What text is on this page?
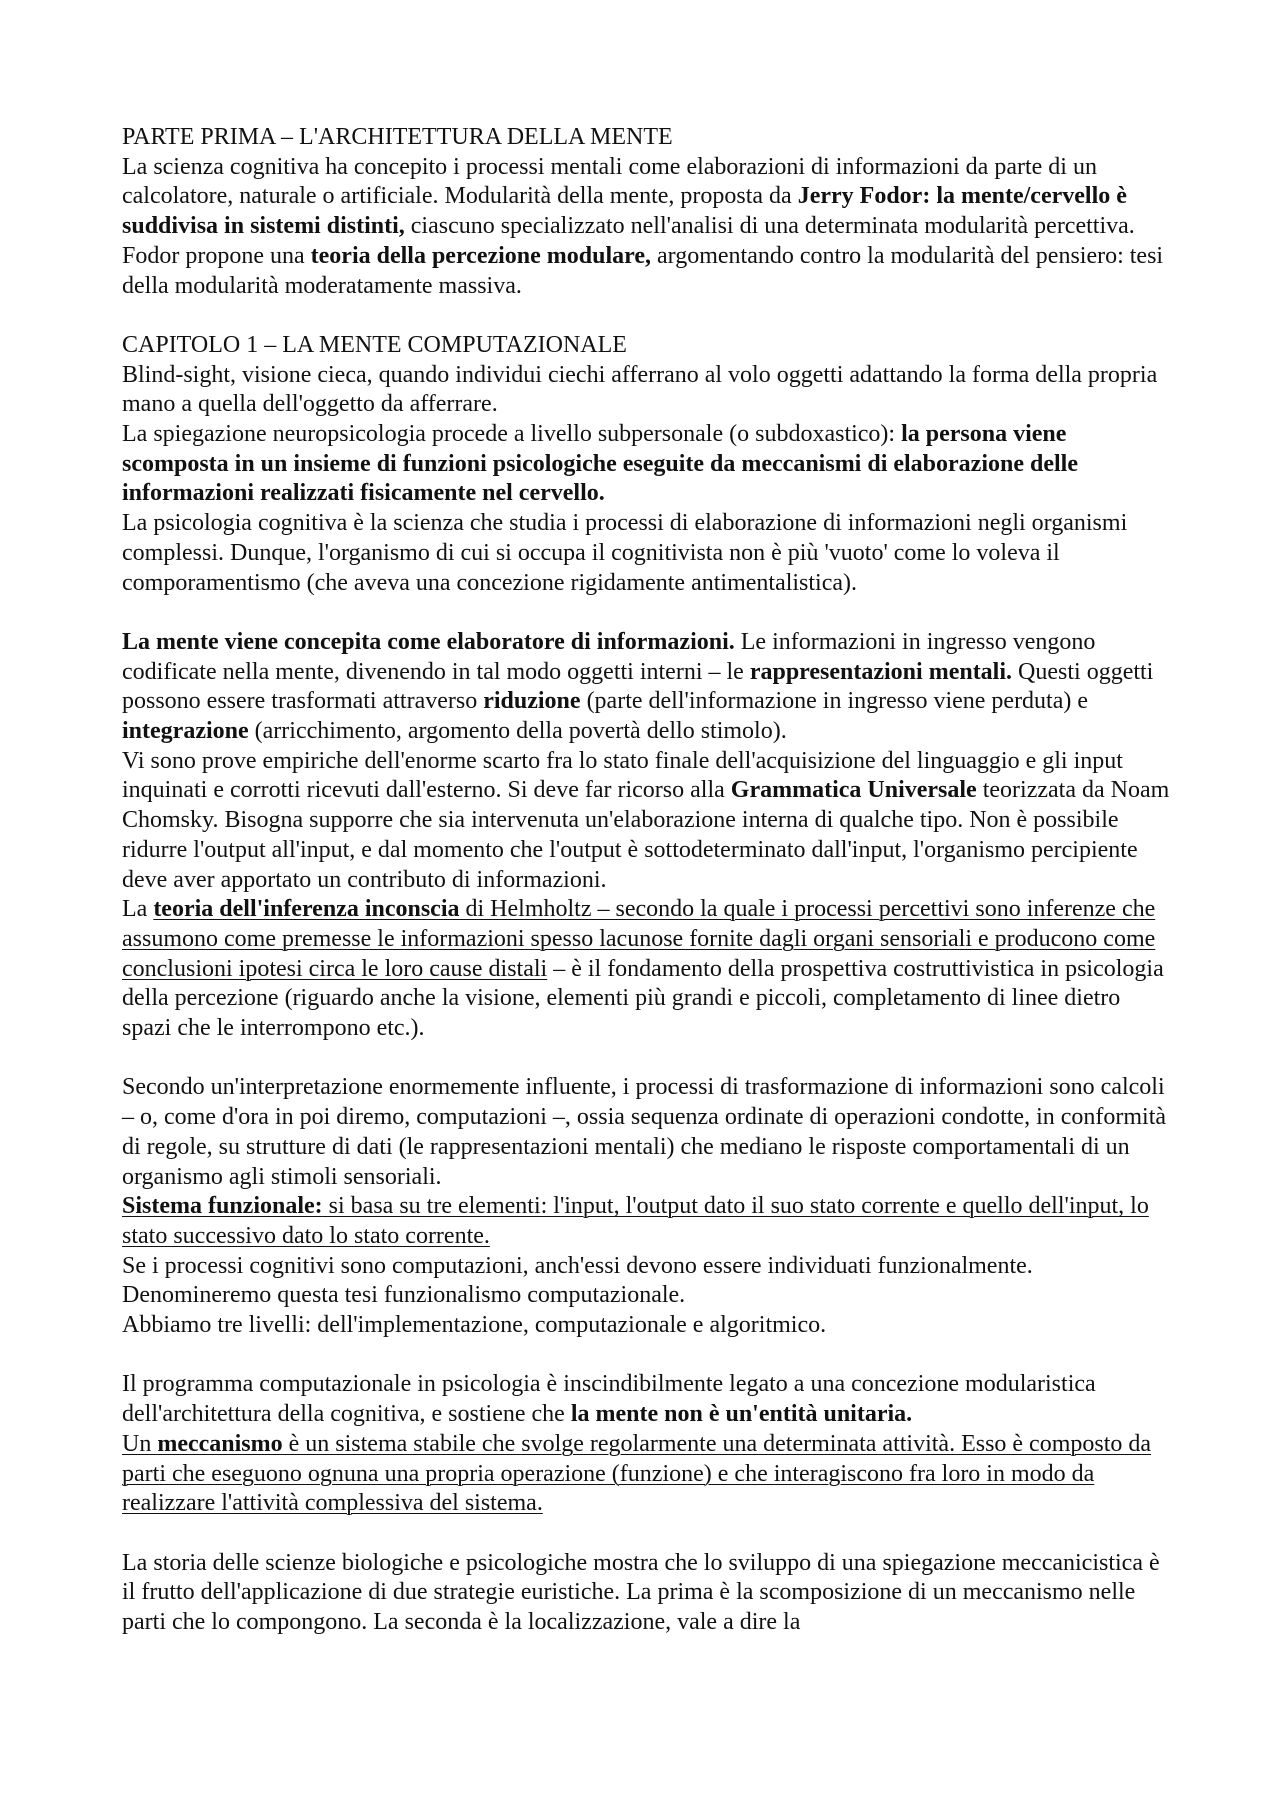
PARTE PRIMA – L'ARCHITETTURA DELLA MENTE

La scienza cognitiva ha concepito i processi mentali come elaborazioni di informazioni da parte di un calcolatore, naturale o artificiale. Modularità della mente, proposta da Jerry Fodor: la mente/cervello è suddivisa in sistemi distinti, ciascuno specializzato nell'analisi di una determinata modularità percettiva. Fodor propone una teoria della percezione modulare, argomentando contro la modularità del pensiero: tesi della modularità moderatamente massiva.

CAPITOLO 1 – LA MENTE COMPUTAZIONALE

Blind-sight, visione cieca, quando individui ciechi afferrano al volo oggetti adattando la forma della propria mano a quella dell'oggetto da afferrare.

La spiegazione neuropsicologia procede a livello subpersonale (o subdoxastico): la persona viene scomposta in un insieme di funzioni psicologiche eseguite da meccanismi di elaborazione delle informazioni realizzati fisicamente nel cervello.

La psicologia cognitiva è la scienza che studia i processi di elaborazione di informazioni negli organismi complessi. Dunque, l'organismo di cui si occupa il cognitivista non è più 'vuoto' come lo voleva il comporamentismo (che aveva una concezione rigidamente antimentalistica).

La mente viene concepita come elaboratore di informazioni. Le informazioni in ingresso vengono codificate nella mente, divenendo in tal modo oggetti interni – le rappresentazioni mentali. Questi oggetti possono essere trasformati attraverso riduzione (parte dell'informazione in ingresso viene perduta) e integrazione (arricchimento, argomento della povertà dello stimolo).

Vi sono prove empiriche dell'enorme scarto fra lo stato finale dell'acquisizione del linguaggio e gli input inquinati e corrotti ricevuti dall'esterno. Si deve far ricorso alla Grammatica Universale teorizzata da Noam Chomsky. Bisogna supporre che sia intervenuta un'elaborazione interna di qualche tipo. Non è possibile ridurre l'output all'input, e dal momento che l'output è sottodeterminato dall'input, l'organismo percipiente deve aver apportato un contributo di informazioni.

La teoria dell'inferenza inconscia di Helmholtz – secondo la quale i processi percettivi sono inferenze che assumono come premesse le informazioni spesso lacunose fornite dagli organi sensoriali e producono come conclusioni ipotesi circa le loro cause distali – è il fondamento della prospettiva costruttivistica in psicologia della percezione (riguardo anche la visione, elementi più grandi e piccoli, completamento di linee dietro spazi che le interrompono etc.).

Secondo un'interpretazione enormemente influente, i processi di trasformazione di informazioni sono calcoli – o, come d'ora in poi diremo, computazioni –, ossia sequenza ordinate di operazioni condotte, in conformità di regole, su strutture di dati (le rappresentazioni mentali) che mediano le risposte comportamentali di un organismo agli stimoli sensoriali.

Sistema funzionale: si basa su tre elementi: l'input, l'output dato il suo stato corrente e quello dell'input, lo stato successivo dato lo stato corrente.

Se i processi cognitivi sono computazioni, anch'essi devono essere individuati funzionalmente.

Denomineremo questa tesi funzionalismo computazionale.

Abbiamo tre livelli: dell'implementazione, computazionale e algoritmico.

Il programma computazionale in psicologia è inscindibilmente legato a una concezione modularistica dell'architettura della cognitiva, e sostiene che la mente non è un'entità unitaria.

Un meccanismo è un sistema stabile che svolge regolarmente una determinata attività. Esso è composto da parti che eseguono ognuna una propria operazione (funzione) e che interagiscono fra loro in modo da realizzare l'attività complessiva del sistema.

La storia delle scienze biologiche e psicologiche mostra che lo sviluppo di una spiegazione meccanicistica è il frutto dell'applicazione di due strategie euristiche. La prima è la scomposizione di un meccanismo nelle parti che lo compongono. La seconda è la localizzazione, vale a dire la
